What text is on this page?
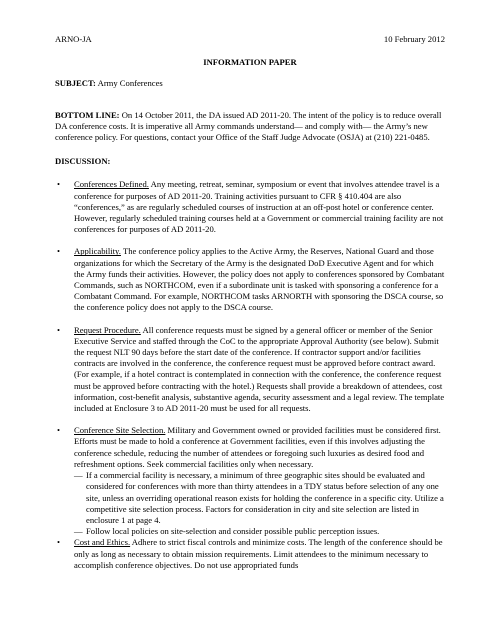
ARNO-JA	10 February 2012
INFORMATION PAPER
SUBJECT: Army Conferences
BOTTOM LINE: On 14 October 2011, the DA issued AD 2011-20. The intent of the policy is to reduce overall DA conference costs. It is imperative all Army commands understand— and comply with— the Army’s new conference policy. For questions, contact your Office of the Staff Judge Advocate (OSJA) at (210) 221-0485.
DISCUSSION:
• Conferences Defined. Any meeting, retreat, seminar, symposium or event that involves attendee travel is a conference for purposes of AD 2011-20. Training activities pursuant to CFR § 410.404 are also “conferences,” as are regularly scheduled courses of instruction at an off-post hotel or conference center. However, regularly scheduled training courses held at a Government or commercial training facility are not conferences for purposes of AD 2011-20.
• Applicability. The conference policy applies to the Active Army, the Reserves, National Guard and those organizations for which the Secretary of the Army is the designated DoD Executive Agent and for which the Army funds their activities. However, the policy does not apply to conferences sponsored by Combatant Commands, such as NORTHCOM, even if a subordinate unit is tasked with sponsoring a conference for a Combatant Command. For example, NORTHCOM tasks ARNORTH with sponsoring the DSCA course, so the conference policy does not apply to the DSCA course.
• Request Procedure. All conference requests must be signed by a general officer or member of the Senior Executive Service and staffed through the CoC to the appropriate Approval Authority (see below). Submit the request NLT 90 days before the start date of the conference. If contractor support and/or facilities contracts are involved in the conference, the conference request must be approved before contract award. (For example, if a hotel contract is contemplated in connection with the conference, the conference request must be approved before contracting with the hotel.) Requests shall provide a breakdown of attendees, cost information, cost-benefit analysis, substantive agenda, security assessment and a legal review. The template included at Enclosure 3 to AD 2011-20 must be used for all requests.
• Conference Site Selection. Military and Government owned or provided facilities must be considered first. Efforts must be made to hold a conference at Government facilities, even if this involves adjusting the conference schedule, reducing the number of attendees or foregoing such luxuries as desired food and refreshment options. Seek commercial facilities only when necessary.
— If a commercial facility is necessary, a minimum of three geographic sites should be evaluated and considered for conferences with more than thirty attendees in a TDY status before selection of any one site, unless an overriding operational reason exists for holding the conference in a specific city. Utilize a competitive site selection process. Factors for consideration in city and site selection are listed in enclosure 1 at page 4.
— Follow local policies on site-selection and consider possible public perception issues.
• Cost and Ethics. Adhere to strict fiscal controls and minimize costs. The length of the conference should be only as long as necessary to obtain mission requirements. Limit attendees to the minimum necessary to accomplish conference objectives. Do not use appropriated funds
